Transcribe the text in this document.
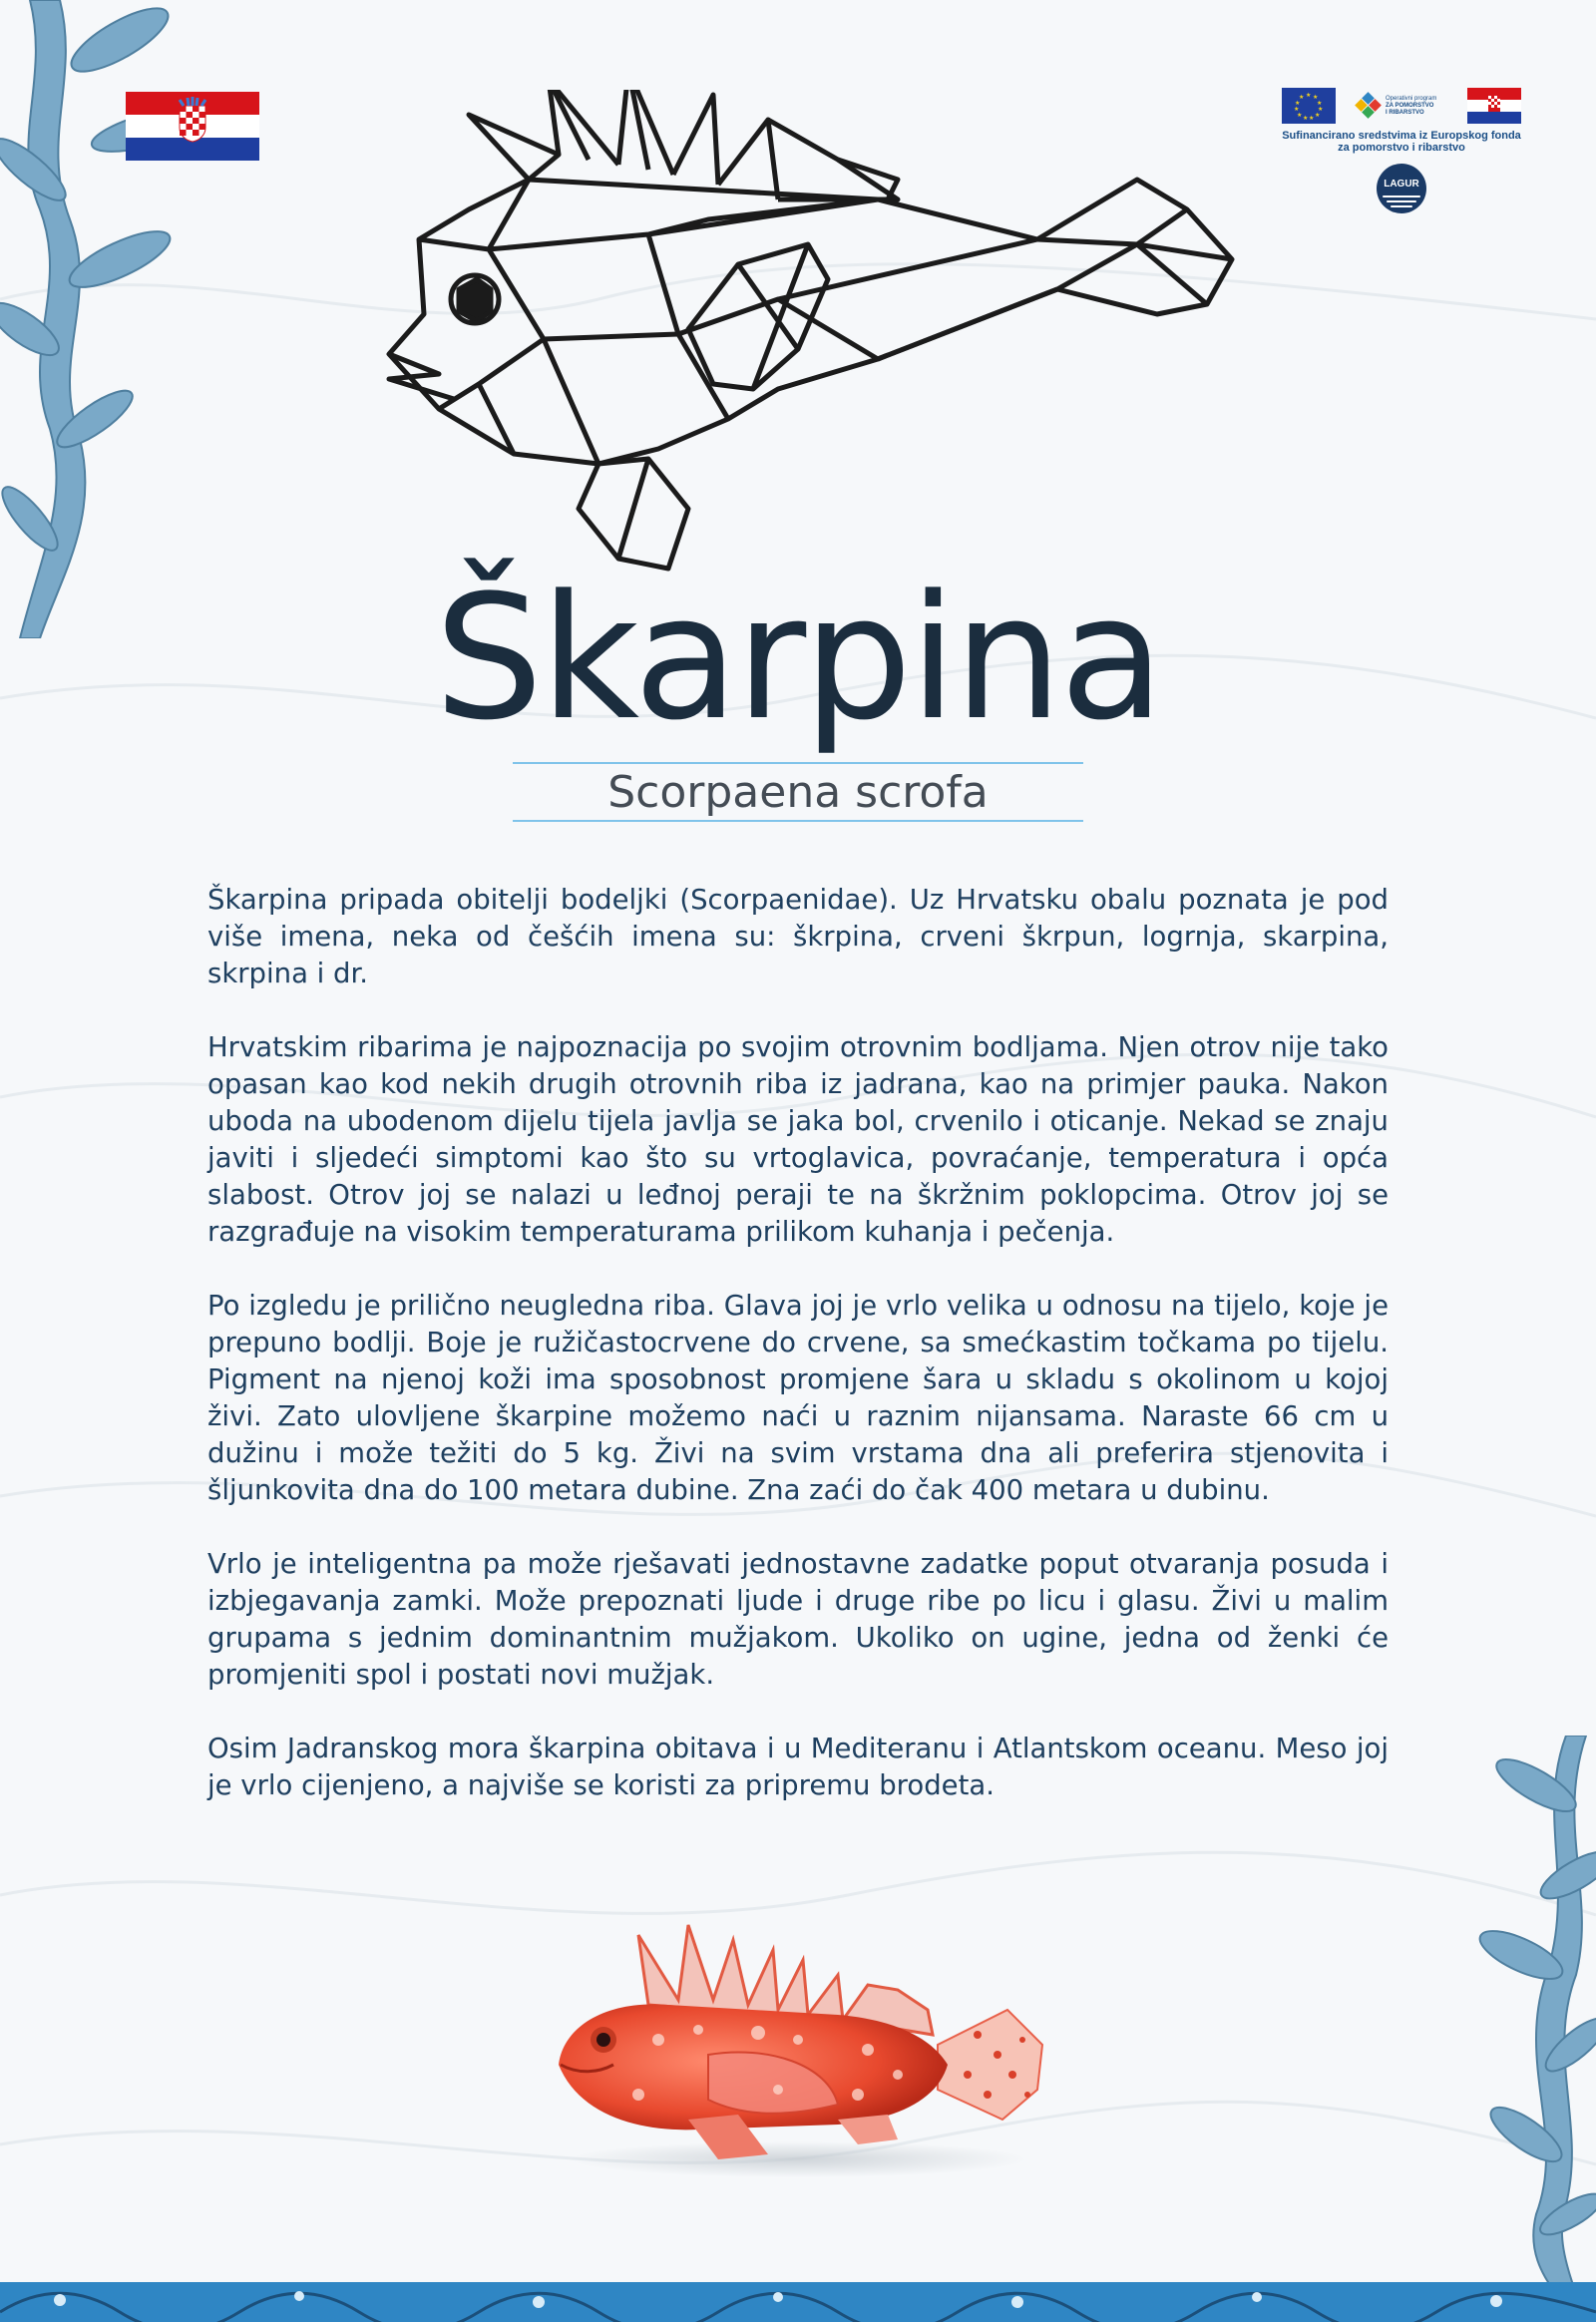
★ ★
★
★
★
★
★
★
★
★
★	Operativni program
ZA POMORSTVO
I RIBARSTVO
Sufinancirano sredstvima iz Europskog fonda
za pomorstvo i ribarstvo
LAGUR
Škarpina
Scorpaena scrofa

Škarpina pripada obitelji bodeljki (Scorpaenidae). Uz Hrvatsku obalu poznata je pod više imena, neka od češćih imena su: škrpina, crveni škrpun, logrnja, skarpina, skrpina i dr.

Hrvatskim ribarima je najpoznacija po svojim otrovnim bodljama. Njen otrov nije tako opasan kao kod nekih drugih otrovnih riba iz jadrana, kao na primjer pauka. Nakon uboda na ubodenom dijelu tijela javlja se jaka bol, crvenilo i oticanje. Nekad se znaju javiti i sljedeći simptomi kao što su vrtoglavica, povraćanje, temperatura i opća slabost. Otrov joj se nalazi u leđnoj peraji te na škržnim poklopcima. Otrov joj se razgrađuje na visokim temperaturama prilikom kuhanja i pečenja.

Po izgledu je prilično neugledna riba. Glava joj je vrlo velika u odnosu na tijelo, koje je prepuno bodlji. Boje je ružičastocrvene do crvene, sa smećkastim točkama po tijelu. Pigment na njenoj koži ima sposobnost promjene šara u skladu s okolinom u kojoj živi. Zato ulovljene škarpine možemo naći u raznim nijansama. Naraste 66 cm u dužinu i može težiti do 5 kg. Živi na svim vrstama dna ali preferira stjenovita i šljunkovita dna do 100 metara dubine. Zna zaći do čak 400 metara u dubinu.

Vrlo je inteligentna pa može rješavati jednostavne zadatke poput otvaranja posuda i izbjegavanja zamki. Može prepoznati ljude i druge ribe po licu i glasu. Živi u malim grupama s jednim dominantnim mužjakom. Ukoliko on ugine, jedna od ženki će promjeniti spol i postati novi mužjak.

Osim Jadranskog mora škarpina obitava i u Mediteranu i Atlantskom oceanu. Meso joj je vrlo cijenjeno, a najviše se koristi za pripremu brodeta.
